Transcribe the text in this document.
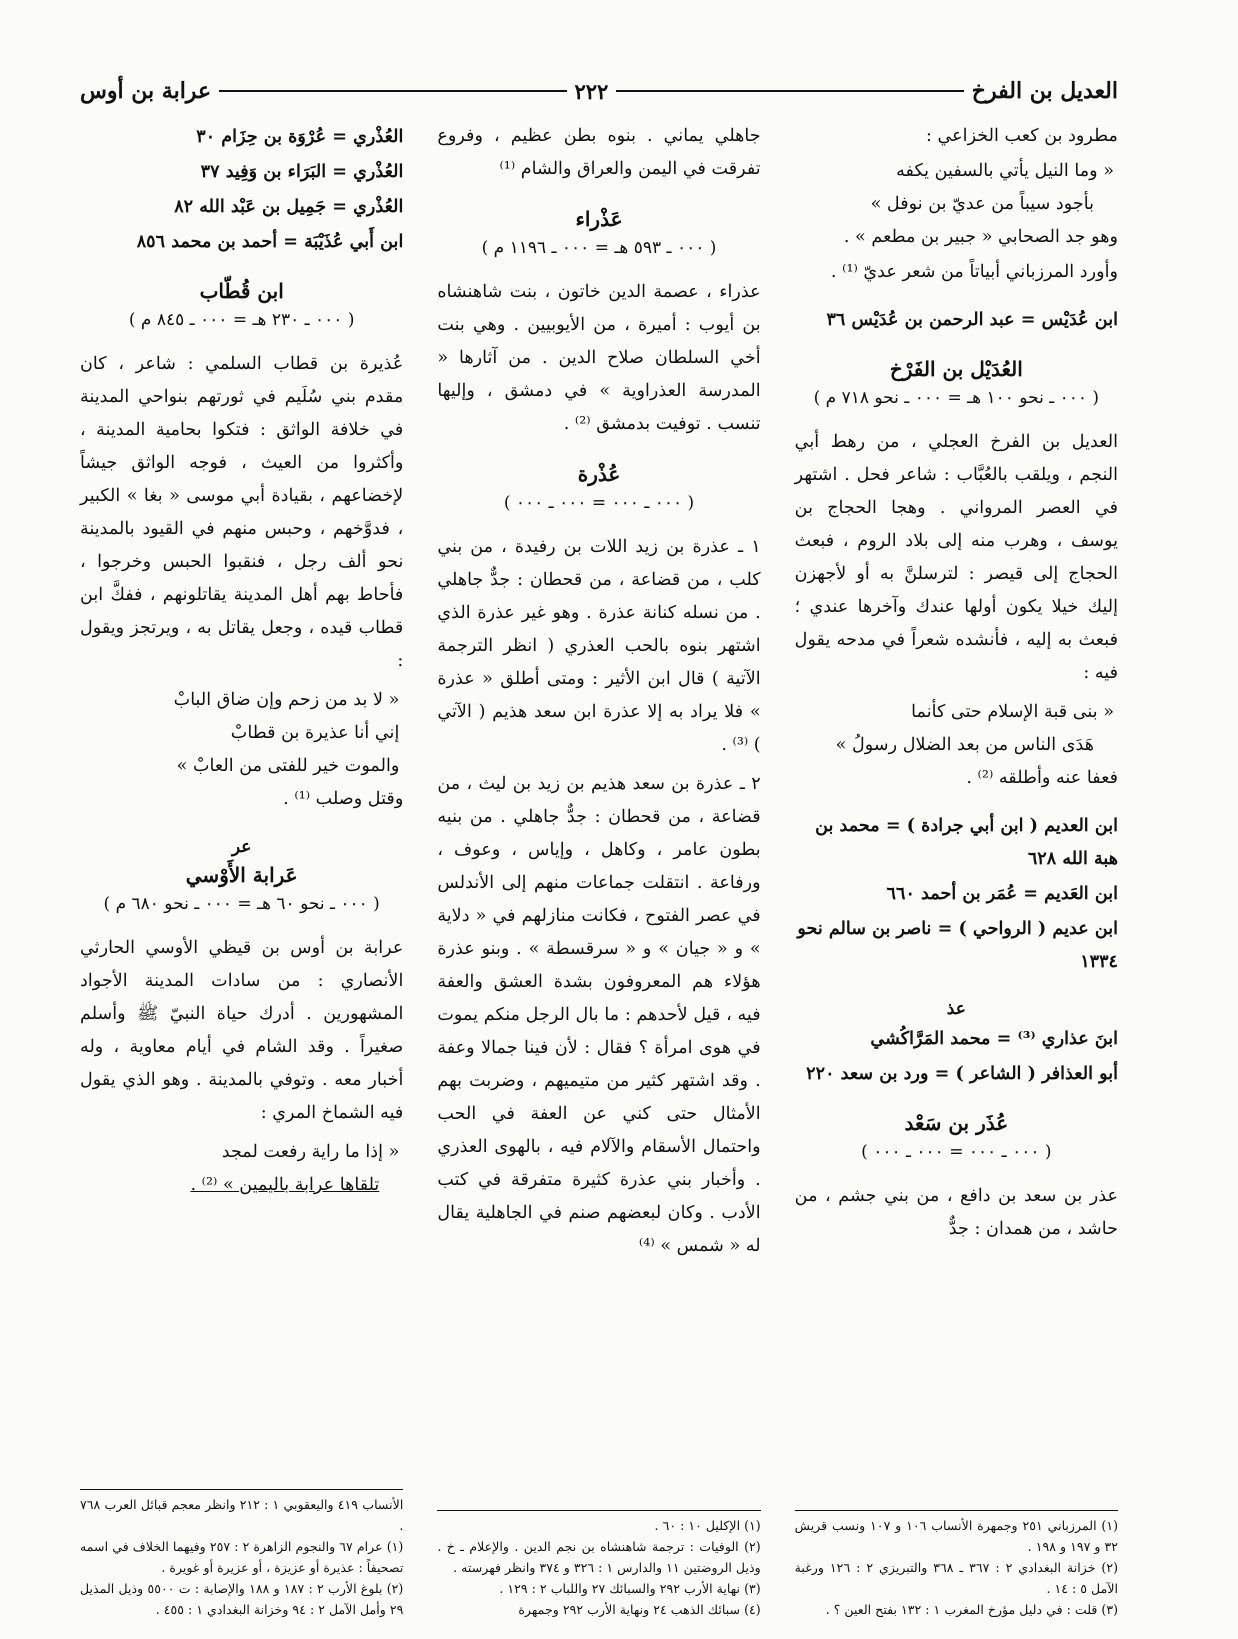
العديل بن الفرخ
٢٢٢
عرابة بن أوس
مطرود بن كعب الخزاعي :
« وما النيل يأتي بالسفين يكفه
بأجود سيباً من عديّ بن نوفل »
وهو جد الصحابي « جبير بن مطعم » .
وأورد المرزباني أبياتاً من شعر عديّ ⁽¹⁾ .
ابن عُدَيْس = عبد الرحمن بن عُدَيْس ٣٦
العُدَيْل بن الفَرْخ
( ٠٠٠ ـ نحو ١٠٠ هـ = ٠٠٠ ـ نحو ٧١٨ م )

العديل بن الفرخ العجلي ، من رهط أبي النجم ، ويلقب بالعُبَّاب : شاعر فحل . اشتهر في العصر المرواني . وهجا الحجاج بن يوسف ، وهرب منه إلى بلاد الروم ، فبعث الحجاج إلى قيصر : لترسلنَّ به أو لأجهزن إليك خيلا يكون أولها عندك وآخرها عندي ؛ فبعث به إليه ، فأنشده شعراً في مدحه يقول فيه :

« بنى قبة الإسلام حتى كأنما
هَدَى الناس من بعد الضلال رسولُ »
فعفا عنه وأطلقه ⁽²⁾ .
ابن العديم ( ابن أبي جرادة ) = محمد بن هبة الله ٦٢٨
ابن العَديم = عُمَر بن أحمد ٦٦٠
ابن عديم ( الرواحي ) = ناصر بن سالم نحو ١٣٣٤
عذ
ابنَ عذاري ⁽³⁾ = محمد المَرَّاكُشي
أبو العذافر ( الشاعر ) = ورد بن سعد ٢٢٠
عُذَر بن سَعْد
( ٠٠٠ ـ ٠٠٠ = ٠٠٠ ـ ٠٠٠ )

عذر بن سعد بن دافع ، من بني جشم ، من حاشد ، من همدان : جدٌّ

(١) المرزباني ٢٥١ وجمهرة الأنساب ١٠٦ و ١٠٧ ونسب قريش ٣٢ و ١٩٧ و ١٩٨ .

(٢) خزانة البغدادي ٢ : ٣٦٧ ـ ٣٦٨ والتبريزي ٢ : ١٢٦ ورغبة الآمل ٥ : ١٤ .

(٣) قلت : في دليل مؤرخ المغرب ١ : ١٣٢ بفتح العين ؟ .

جاهلي يماني . بنوه بطن عظيم ، وفروع تفرقت في اليمن والعراق والشام ⁽¹⁾

عَذْراء
( ٠٠٠ ـ ٥٩٣ هـ = ٠٠٠ ـ ١١٩٦ م )

عذراء ، عصمة الدين خاتون ، بنت شاهنشاه بن أيوب : أميرة ، من الأيوبيين . وهي بنت أخي السلطان صلاح الدين . من آثارها « المدرسة العذراوية » في دمشق ، وإليها تنسب . توفيت بدمشق ⁽²⁾ .

عُذْرة
( ٠٠٠ ـ ٠٠٠ = ٠٠٠ ـ ٠٠٠ )

١ ـ عذرة بن زيد اللات بن رفيدة ، من بني كلب ، من قضاعة ، من قحطان : جدٌّ جاهلي . من نسله كنانة عذرة . وهو غير عذرة الذي اشتهر بنوه بالحب العذري ( انظر الترجمة الآتية ) قال ابن الأثير : ومتى أطلق « عذرة » فلا يراد به إلا عذرة ابن سعد هذيم ( الآتي ) ⁽³⁾ .

٢ ـ عذرة بن سعد هذيم بن زيد بن ليث ، من قضاعة ، من قحطان : جدٌّ جاهلي . من بنيه بطون عامر ، وكاهل ، وإياس ، وعوف ، ورفاعة . انتقلت جماعات منهم إلى الأندلس في عصر الفتوح ، فكانت منازلهم في « دلاية » و « جيان » و « سرقسطة » . وبنو عذرة هؤلاء هم المعروفون بشدة العشق والعفة فيه ، قيل لأحدهم : ما بال الرجل منكم يموت في هوى امرأة ؟ فقال : لأن فينا جمالا وعفة . وقد اشتهر كثير من متيميهم ، وضربت بهم الأمثال حتى كني عن العفة في الحب واحتمال الأسقام والآلام فيه ، بالهوى العذري . وأخبار بني عذرة كثيرة متفرقة في كتب الأدب . وكان لبعضهم صنم في الجاهلية يقال له « شمس » ⁽⁴⁾

(١) الإكليل ١٠ : ٦٠ .

(٢) الوفيات : ترجمة شاهنشاه بن نجم الدين . والإعلام ـ خ . وذيل الروضتين ١١ والدارس ١ : ٣٢٦ و ٣٧٤ وانظر فهرسته .

(٣) نهاية الأرب ٢٩٢ والسبائك ٢٧ واللباب ٢ : ١٢٩ .

(٤) سبائك الذهب ٢٤ ونهاية الأرب ٢٩٢ وجمهرة

العُذْري = عُرْوَة بن حِزَام ٣٠
العُذْري = البَرَاء بن وَفِيد ٣٧
العُذْري = جَمِيل بن عَبْد الله ٨٢
ابن أَبي عُذَيْبَة = أحمد بن محمد ٨٥٦
ابن قُطّاب
( ٠٠٠ ـ ٢٣٠ هـ = ٠٠٠ ـ ٨٤٥ م )

عُذيرة بن قطاب السلمي : شاعر ، كان مقدم بني سُلَيم في ثورتهم بنواحي المدينة في خلافة الواثق : فتكوا بحامية المدينة ، وأكثروا من العيث ، فوجه الواثق جيشاً لإخضاعهم ، بقيادة أبي موسى « بغا » الكبير ، فدوَّخهم ، وحبس منهم في القيود بالمدينة نحو ألف رجل ، فنقبوا الحبس وخرجوا ، فأحاط بهم أهل المدينة يقاتلونهم ، ففكَّ ابن قطاب قيده ، وجعل يقاتل به ، ويرتجز ويقول :

« لا بد من زحم وإن ضاق البابْ
إني أنا عذيرة بن قطابْ
والموت خير للفتى من العابْ »
وقتل وصلب ⁽¹⁾ .
عر
عَرابة الأَوْسي
( ٠٠٠ ـ نحو ٦٠ هـ = ٠٠٠ ـ نحو ٦٨٠ م )

عرابة بن أوس بن قيظي الأوسي الحارثي الأنصاري : من سادات المدينة الأجواد المشهورين . أدرك حياة النبيّ ﷺ وأسلم صغيراً . وقد الشام في أيام معاوية ، وله أخبار معه . وتوفي بالمدينة . وهو الذي يقول فيه الشماخ المري :

« إذا ما راية رفعت لمجد
تلقاها عرابة باليمين » ⁽²⁾ .

الأنساب ٤١٩ واليعقوبي ١ : ٢١٢ وانظر معجم قبائل العرب ٧٦٨ .

(١) عرام ٦٧ والنجوم الزاهرة ٢ : ٢٥٧ وفيهما الخلاف في اسمه تصحيفاً : عذيرة أو عزيزة ، أو عزيرة أو غويرة .

(٢) بلوغ الأرب ٢ : ١٨٧ و ١٨٨ والإصابة : ت ٥٥٠٠ وذيل المذيل ٢٩ وأمل الآمل ٢ : ٩٤ وخزانة البغدادي ١ : ٤٥٥ .
